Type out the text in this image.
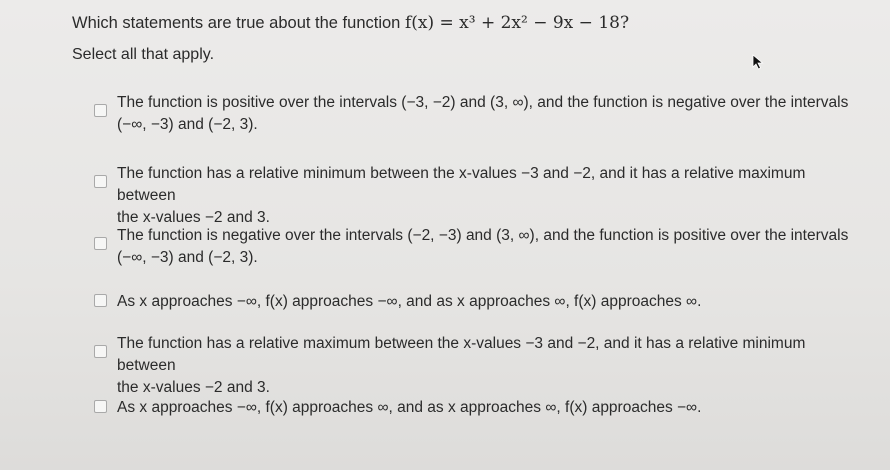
Which statements are true about the function f(x) = x³ + 2x² − 9x − 18?
Select all that apply.
The function is positive over the intervals (−3, −2) and (3, ∞), and the function is negative over the intervals
(−∞, −3) and (−2, 3).
The function has a relative minimum between the x-values −3 and −2, and it has a relative maximum between
the x-values −2 and 3.
The function is negative over the intervals (−2, −3) and (3, ∞), and the function is positive over the intervals
(−∞, −3) and (−2, 3).
As x approaches −∞, f(x) approaches −∞, and as x approaches ∞, f(x) approaches ∞.
The function has a relative maximum between the x-values −3 and −2, and it has a relative minimum between
the x-values −2 and 3.
As x approaches −∞, f(x) approaches ∞, and as x approaches ∞, f(x) approaches −∞.
